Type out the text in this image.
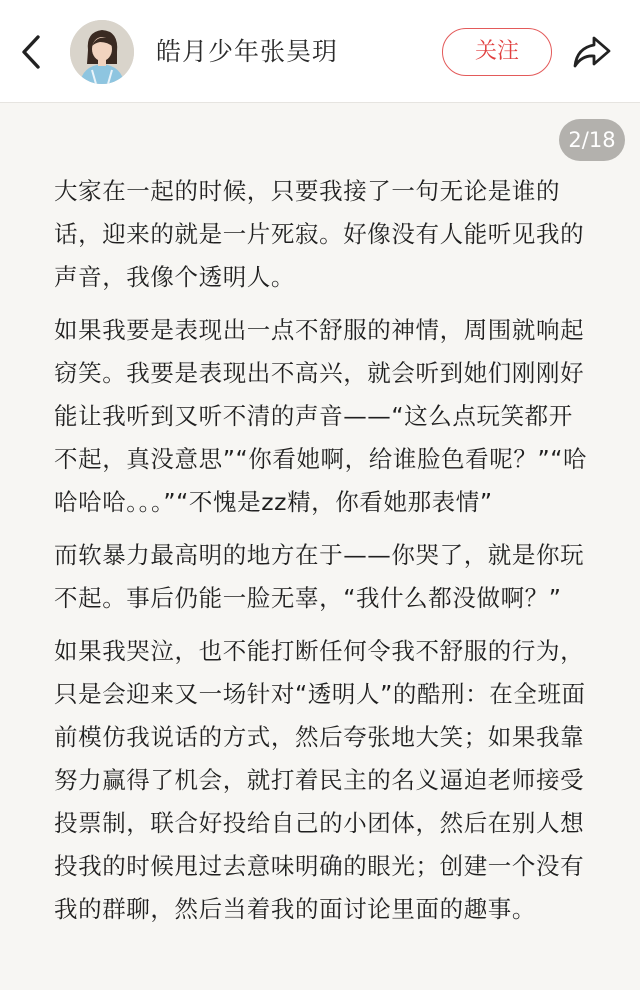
皓月少年张昊玥	关注

大家在一起的时候，只要我接了一句无论是谁的话，迎来的就是一片死寂。好像没有人能听见我的声音，我像个透明人。

如果我要是表现出一点不舒服的神情，周围就响起窃笑。我要是表现出不高兴，就会听到她们刚刚好能让我听到又听不清的声音——“这么点玩笑都开不起，真没意思”“你看她啊，给谁脸色看呢？”“哈哈哈哈。。。”“不愧是zz精，你看她那表情”

而软暴力最高明的地方在于——你哭了，就是你玩不起。事后仍能一脸无辜，“我什么都没做啊？”

如果我哭泣，也不能打断任何令我不舒服的行为，只是会迎来又一场针对“透明人”的酷刑：在全班面前模仿我说话的方式，然后夸张地大笑；如果我靠努力赢得了机会，就打着民主的名义逼迫老师接受投票制，联合好投给自己的小团体，然后在别人想投我的时候甩过去意味明确的眼光；创建一个没有我的群聊，然后当着我的面讨论里面的趣事。

2/18
